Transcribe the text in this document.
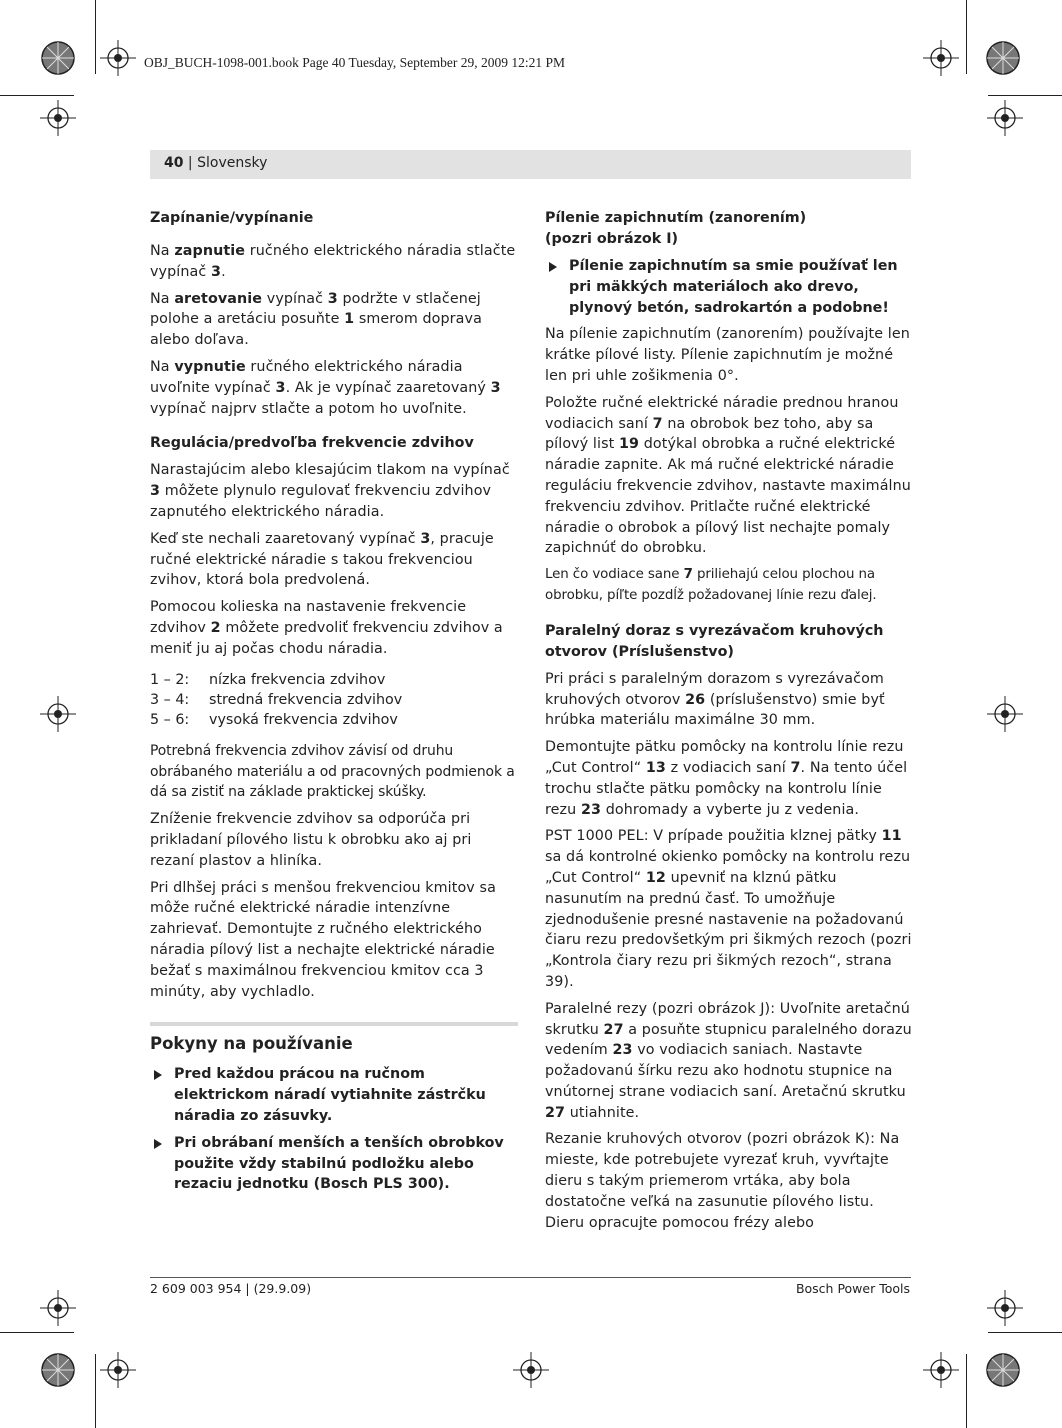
OBJ_BUCH-1098-001.book Page 40 Tuesday, September 29, 2009 12:21 PM
40 | Slovensky
Zapínanie/vypínanie

Na zapnutie ručného elektrického náradia stlačte vypínač 3.

Na aretovanie vypínač 3 podržte v stlačenej polohe a aretáciu posuňte 1 smerom doprava alebo doľava.

Na vypnutie ručného elektrického náradia uvoľnite vypínač 3. Ak je vypínač zaaretovaný 3 vypínač najprv stlačte a potom ho uvoľnite.

Regulácia/predvoľba frekvencie zdvihov

Narastajúcim alebo klesajúcim tlakom na vypínač 3 môžete plynulo regulovať frekvenciu zdvihov zapnutého elektrického náradia.

Keď ste nechali zaaretovaný vypínač 3, pracuje ručné elektrické náradie s takou frekvenciou zvihov, ktorá bola predvolená.

Pomocou kolieska na nastavenie frekvencie zdvihov 2 môžete predvoliť frekvenciu zdvihov a meniť ju aj počas chodu náradia.

1 – 2:	nízka frekvencia zdvihov
3 – 4:	stredná frekvencia zdvihov
5 – 6:	vysoká frekvencia zdvihov

Potrebná frekvencia zdvihov závisí od druhu obrábaného materiálu a od pracovných podmienok a dá sa zistiť na základe praktickej skúšky.

Zníženie frekvencie zdvihov sa odporúča pri prikladaní pílového listu k obrobku ako aj pri rezaní plastov a hliníka.

Pri dlhšej práci s menšou frekvenciou kmitov sa môže ručné elektrické náradie intenzívne zahrievať. Demontujte z ručného elektrického náradia pílový list a nechajte elektrické náradie bežať s maximálnou frekvenciou kmitov cca 3 minúty, aby vychladlo.

Pokyny na používanie
Pred každou prácou na ručnom elektrickom náradí vytiahnite zástrčku náradia zo zásuvky.
Pri obrábaní menších a tenších obrobkov použite vždy stabilnú podložku alebo rezaciu jednotku (Bosch PLS 300).
Pílenie zapichnutím (zanorením) (pozri obrázok I)
Pílenie zapichnutím sa smie používať len pri mäkkých materiáloch ako drevo, plynový betón, sadrokartón a podobne!

Na pílenie zapichnutím (zanorením) používajte len krátke pílové listy. Pílenie zapichnutím je možné len pri uhle zošikmenia 0°.

Položte ručné elektrické náradie prednou hranou vodiacich saní 7 na obrobok bez toho, aby sa pílový list 19 dotýkal obrobka a ručné elektrické náradie zapnite. Ak má ručné elektrické náradie reguláciu frekvencie zdvihov, nastavte maximálnu frekvenciu zdvihov. Pritlačte ručné elektrické náradie o obrobok a pílový list nechajte pomaly zapichnúť do obrobku.

Len čo vodiace sane 7 priliehajú celou plochou na obrobku, píľte pozdĺž požadovanej línie rezu ďalej.

Paralelný doraz s vyrezávačom kruhových otvorov (Príslušenstvo)

Pri práci s paralelným dorazom s vyrezávačom kruhových otvorov 26 (príslušenstvo) smie byť hrúbka materiálu maximálne 30 mm.

Demontujte pätku pomôcky na kontrolu línie rezu „Cut Control“ 13 z vodiacich saní 7. Na tento účel trochu stlačte pätku pomôcky na kontrolu línie rezu 23 dohromady a vyberte ju z vedenia.

PST 1000 PEL: V prípade použitia klznej pätky 11 sa dá kontrolné okienko pomôcky na kontrolu rezu „Cut Control“ 12 upevniť na klznú pätku nasunutím na prednú časť. To umožňuje zjednodušenie presné nastavenie na požadovanú čiaru rezu predovšetkým pri šikmých rezoch (pozri „Kontrola čiary rezu pri šikmých rezoch“, strana 39).

Paralelné rezy (pozri obrázok J): Uvoľnite aretačnú skrutku 27 a posuňte stupnicu paralelného dorazu vedením 23 vo vodiacich saniach. Nastavte požadovanú šírku rezu ako hodnotu stupnice na vnútornej strane vodiacich saní. Aretačnú skrutku 27 utiahnite.

Rezanie kruhových otvorov (pozri obrázok K): Na mieste, kde potrebujete vyrezať kruh, vyvŕtajte dieru s takým priemerom vrtáka, aby bola dostatočne veľká na zasunutie pílového listu. Dieru opracujte pomocou frézy alebo

2 609 003 954 | (29.9.09)	Bosch Power Tools
